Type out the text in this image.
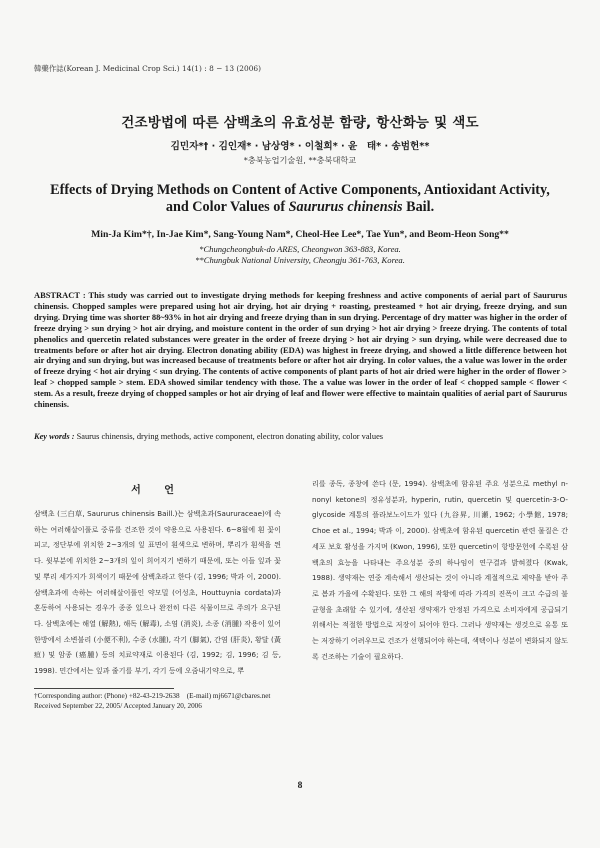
韓藥作誌(Korean J. Medicinal Crop Sci.) 14(1) : 8 − 13 (2006)
건조방법에 따른 삼백초의 유효성분 함량, 항산화능 및 색도
김민자*† · 김인재* · 남상영* · 이철희* · 윤　태* · 송범헌**
*충북농업기술원, **충북대학교
Effects of Drying Methods on Content of Active Components, Antioxidant Activity,
and Color Values of Saururus chinensis Bail.
Min-Ja Kim*†, In-Jae Kim*, Sang-Young Nam*, Cheol-Hee Lee*, Tae Yun*, and Beom-Heon Song**
*Chungcheongbuk-do ARES, Cheongwon 363-883, Korea.
**Chungbuk National University, Cheongju 361-763, Korea.
ABSTRACT : This study was carried out to investigate drying methods for keeping freshness and active components of aerial part of Saururus chinensis. Chopped samples were prepared using hot air drying, hot air drying + roasting, presteamed + hot air drying, freeze drying, and sun drying. Drying time was shorter 88~93% in hot air drying and freeze drying than in sun drying. Percentage of dry matter was higher in the order of freeze drying > sun drying > hot air drying, and moisture content in the order of sun drying > hot air drying > freeze drying. The contents of total phenolics and quercetin related substances were greater in the order of freeze drying > hot air drying > sun drying, while were decreased due to treatments before or after hot air drying. Electron donating ability (EDA) was highest in freeze drying, and showed a little difference between hot air drying and sun drying, but was increased because of treatments before or after hot air drying. In color values, the a value was lower in the order of freeze drying < hot air drying < sun drying. The contents of active components of plant parts of hot air dried were higher in the order of flower > leaf > chopped sample > stem. EDA showed similar tendency with those. The a value was lower in the order of leaf < chopped sample < flower < stem. As a result, freeze drying of chopped samples or hot air drying of leaf and flower were effective to maintain qualities of aerial part of Saururus chinensis.
Key words : Saurus chinensis, drying methods, active component, electron donating ability, color values
서 언

삼백초 (三白草, Saururus chinensis Baill.)는 삼백초과(Saururaceae)에 속하는 여러해살이풀로 중류를 건조한 것이 약용으로 사용된다. 6~8월에 흰 꽃이 피고, 정단부에 위치한 2~3개의 잎 표면이 흰색으로 변하며, 뿌리가 흰색을 띈다. 윗부분에 위치한 2~3개의 잎이 희어지기 변하기 때문에, 또는 이들 잎과 꽃 및 뿌리 세가지가 희색이기 때문에 삼백초라고 한다 (김, 1996; 박과 이, 2000). 삼백초과에 속하는 여러해살이풀인 약모밀 (어성초, Houttuynia cordata)과 혼동하여 사용되는 경우가 종종 있으나 완전히 다른 식물이므로 주의가 요구된다. 삼백초에는 해열 (解熱), 해독 (解毒), 소염 (消炎), 소종 (消腫) 작용이 있어 한방에서 소변불리 (小便不利), 수종 (水腫), 각기 (脚氣), 간염 (肝炎), 황달 (黃疸) 및 암종 (癌腫) 등의 치료약재로 이용된다 (김, 1992; 김, 1996; 김 등, 1998). 민간에서는 잎과 줄기를 부기, 각기 등에 오줌내기약으로, 뿌

리를 종독, 종창에 쓴다 (문, 1994). 삼백초에 함유된 주요 성분으로 methyl n-nonyl ketone의 정유성분과, hyperin, rutin, quercetin 및 quercetin-3-O-glycoside 계통의 플라보노이드가 있다 (九谷昇, 川瀬, 1962; 小學館, 1978; Choe et al., 1994; 박과 이, 2000). 삼백초에 함유된 quercetin 관련 물질은 간세포 보호 활성을 가지며 (Kwon, 1996), 또한 quercetin이 항방문헌에 수록된 삼백초의 효능을 나타내는 주요성분 중의 하나임이 연구결과 밝혀졌다 (Kwak, 1988). 생약재는 연중 계속해서 생산되는 것이 아니라 계절적으로 제약을 받아 주로 봄과 가을에 수확된다. 또한 그 해의 작황에 따라 가격의 진폭이 크고 수급의 불균형을 초래할 수 있기에, 생산된 생약재가 안정된 가격으로 소비자에게 공급되기 위해서는 적절한 방법으로 저장이 되어야 한다. 그러나 생약재는 생것으로 유통 또는 저장하기 어려우므로 건조가 선행되어야 하는데, 색택이나 성분이 변화되지 않도록 건조하는 기술이 필요하다.

†Corresponding author: (Phone) +82-43-219-2638　(E-mail) mj6671@cbares.net
Received September 22, 2005/ Accepted January 20, 2006
8
